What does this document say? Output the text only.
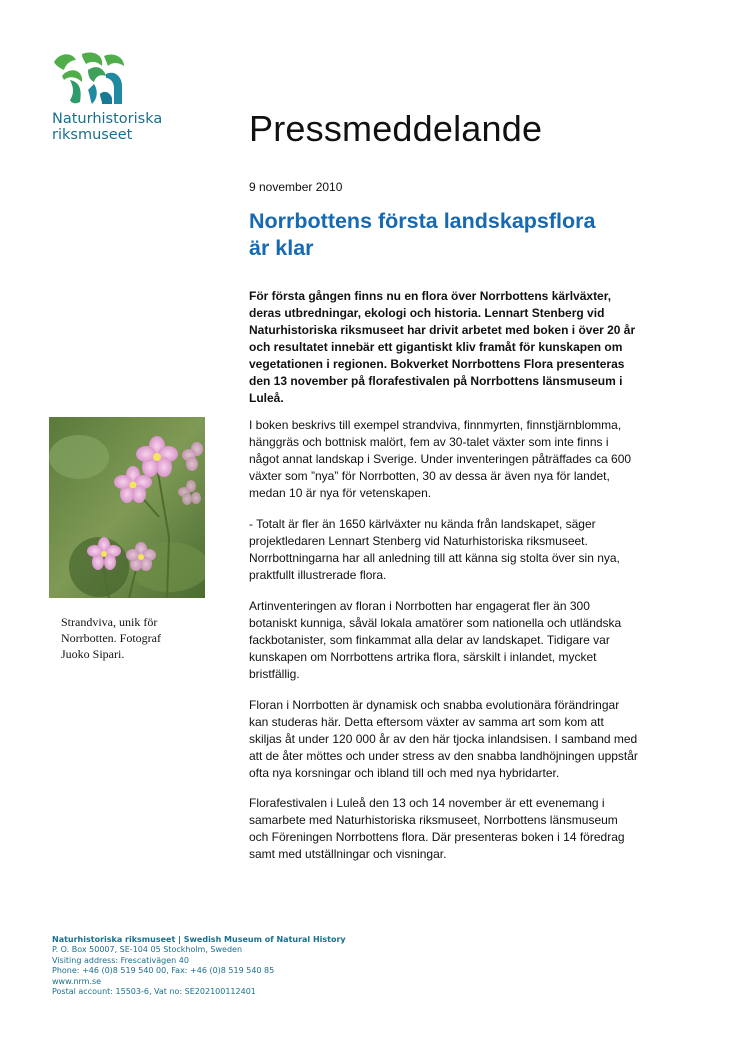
Naturhistoriska
riksmuseet	Pressmeddelande
9 november 2010
Norrbottens första landskapsflora
är klar
För första gången finns nu en flora över Norrbottens kärlväxter,
deras utbredningar, ekologi och historia. Lennart Stenberg vid
Naturhistoriska riksmuseet har drivit arbetet med boken i över 20 år
och resultatet innebär ett gigantiskt kliv framåt för kunskapen om
vegetationen i regionen. Bokverket Norrbottens Flora presenteras
den 13 november på florafestivalen på Norrbottens länsmuseum i
Luleå.
I boken beskrivs till exempel strandviva, finnmyrten, finnstjärnblomma,
hänggräs och bottnisk malört, fem av 30-talet växter som inte finns i
något annat landskap i Sverige. Under inventeringen påträffades ca 600
växter som ”nya” för Norrbotten, 30 av dessa är även nya för landet,
medan 10 är nya för vetenskapen.
- Totalt är fler än 1650 kärlväxter nu kända från landskapet, säger
projektledaren Lennart Stenberg vid Naturhistoriska riksmuseet.
Norrbottningarna har all anledning till att känna sig stolta över sin nya,
praktfullt illustrerade flora.
Artinventeringen av floran i Norrbotten har engagerat fler än 300
botaniskt kunniga, såväl lokala amatörer som nationella och utländska
fackbotanister, som finkammat alla delar av landskapet. Tidigare var
kunskapen om Norrbottens artrika flora, särskilt i inlandet, mycket
bristfällig.
Floran i Norrbotten är dynamisk och snabba evolutionära förändringar
kan studeras här. Detta eftersom växter av samma art som kom att
skiljas åt under 120 000 år av den här tjocka inlandsisen. I samband med
att de åter möttes och under stress av den snabba landhöjningen uppstår
ofta nya korsningar och ibland till och med nya hybridarter.
Florafestivalen i Luleå den 13 och 14 november är ett evenemang i
samarbete med Naturhistoriska riksmuseet, Norrbottens länsmuseum
och Föreningen Norrbottens flora. Där presenteras boken i 14 föredrag
samt med utställningar och visningar.
Strandviva, unik för
Norrbotten. Fotograf
Juoko Sipari.
Naturhistoriska riksmuseet | Swedish Museum of Natural History
P. O. Box 50007, SE-104 05 Stockholm, Sweden
Visiting address: Frescativägen 40
Phone: +46 (0)8 519 540 00, Fax: +46 (0)8 519 540 85
www.nrm.se
Postal account: 15503-6, Vat no: SE202100112401
